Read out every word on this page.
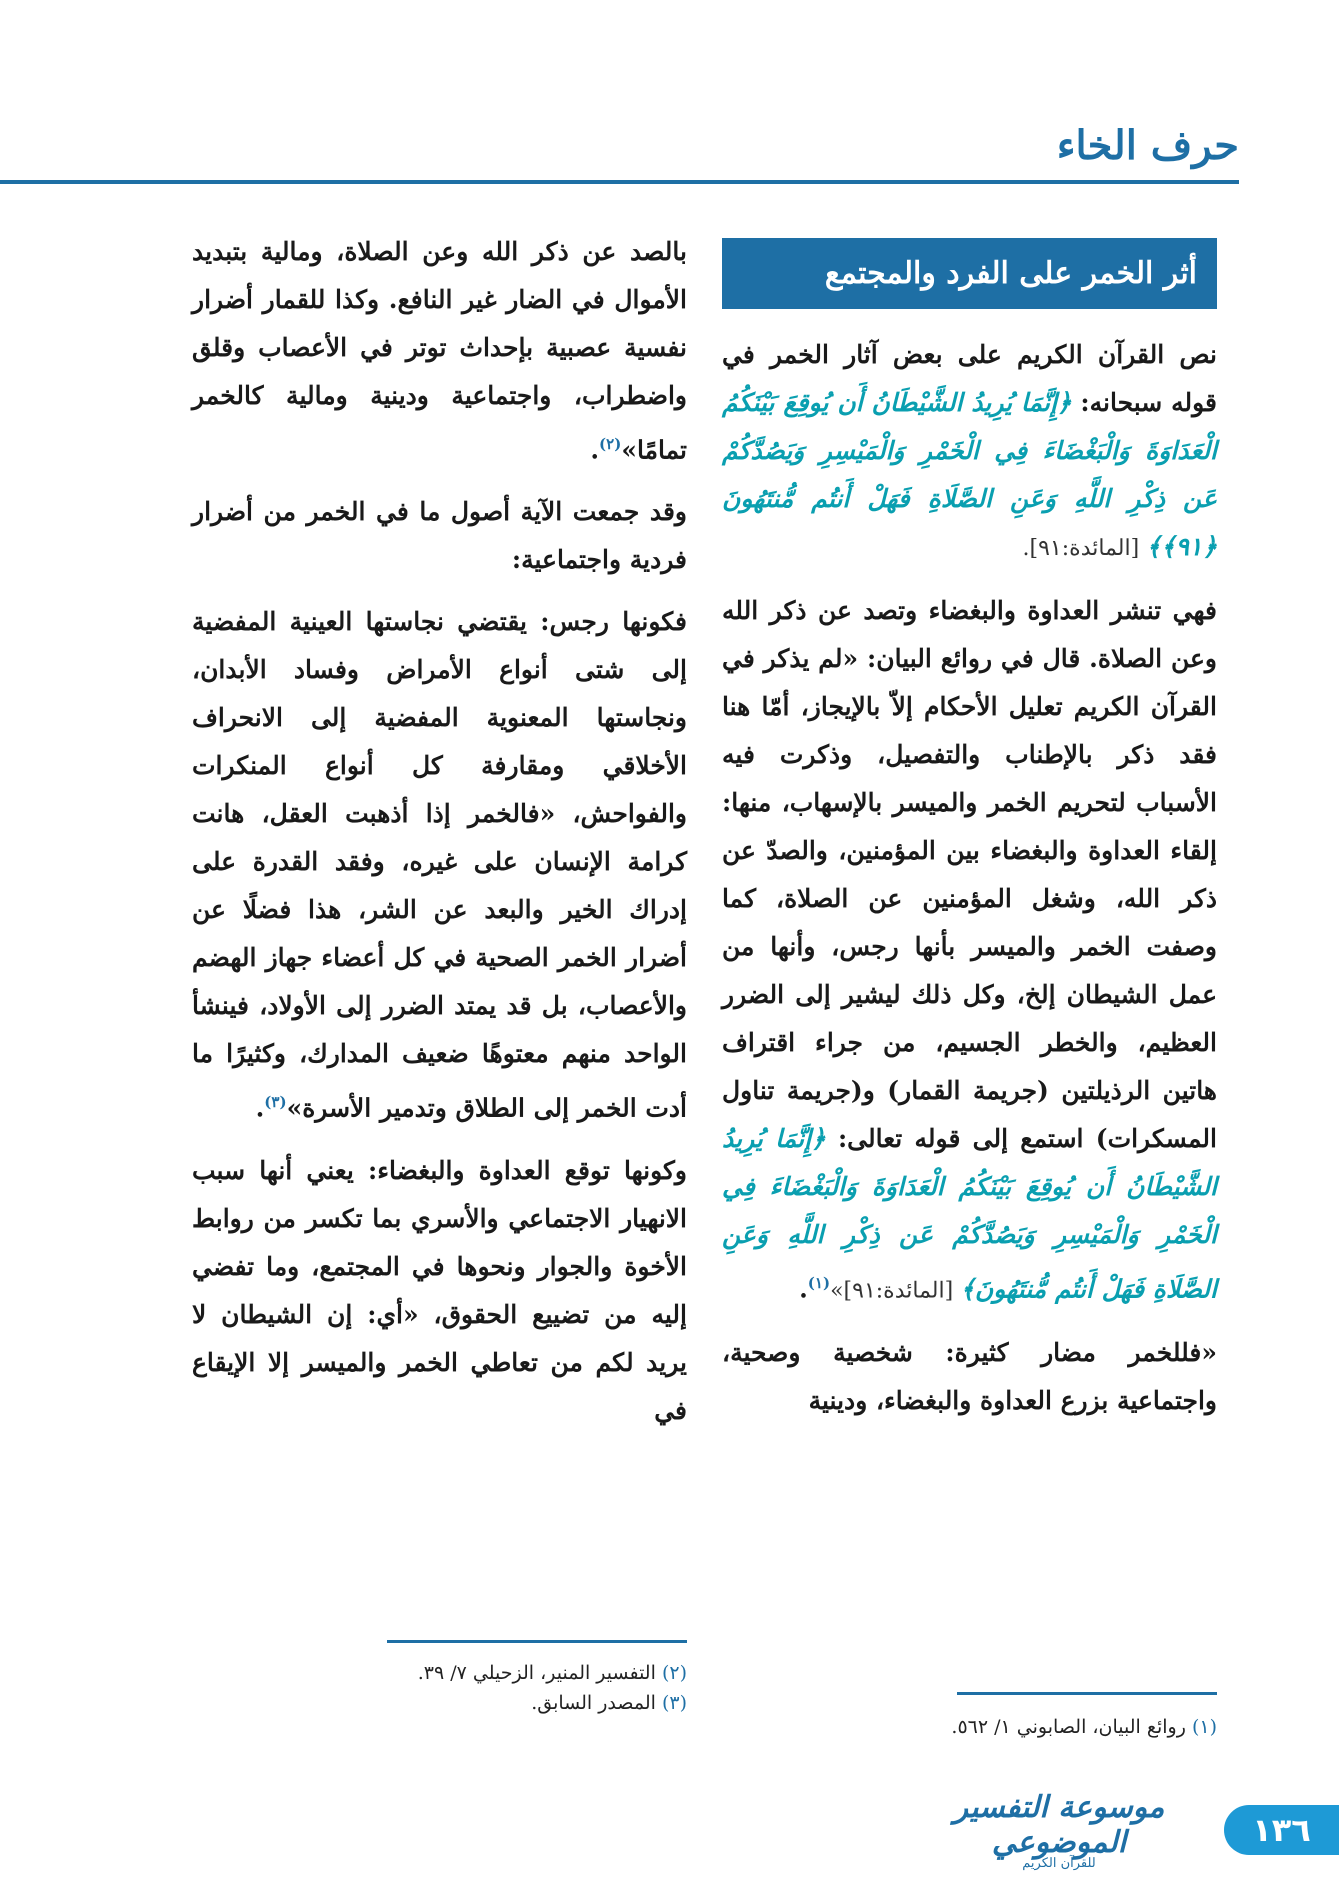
حرف الخاء
أثر الخمر على الفرد والمجتمع

نص القرآن الكريم على بعض آثار الخمر في قوله سبحانه: ﴿إِنَّمَا يُرِيدُ الشَّيْطَانُ أَن يُوقِعَ بَيْنَكُمُ الْعَدَاوَةَ وَالْبَغْضَاءَ فِي الْخَمْرِ وَالْمَيْسِرِ وَيَصُدَّكُمْ عَن ذِكْرِ اللَّهِ وَعَنِ الصَّلَاةِ فَهَلْ أَنتُم مُّنتَهُونَ ﴿٩١﴾﴾ [المائدة:٩١].

فهي تنشر العداوة والبغضاء وتصد عن ذكر الله وعن الصلاة. قال في روائع البيان: «لم يذكر في القرآن الكريم تعليل الأحكام إلاّ بالإيجاز، أمّا هنا فقد ذكر بالإطناب والتفصيل، وذكرت فيه الأسباب لتحريم الخمر والميسر بالإسهاب، منها: إلقاء العداوة والبغضاء بين المؤمنين، والصدّ عن ذكر الله، وشغل المؤمنين عن الصلاة، كما وصفت الخمر والميسر بأنها رجس، وأنها من عمل الشيطان إلخ، وكل ذلك ليشير إلى الضرر العظيم، والخطر الجسيم، من جراء اقتراف هاتين الرذيلتين (جريمة القمار) و(جريمة تناول المسكرات) استمع إلى قوله تعالى: ﴿إِنَّمَا يُرِيدُ الشَّيْطَانُ أَن يُوقِعَ بَيْنَكُمُ الْعَدَاوَةَ وَالْبَغْضَاءَ فِي الْخَمْرِ وَالْمَيْسِرِ وَيَصُدَّكُمْ عَن ذِكْرِ اللَّهِ وَعَنِ الصَّلَاةِ فَهَلْ أَنتُم مُّنتَهُونَ﴾ [المائدة:٩١]»$^{(١)}$.

«فللخمر مضار كثيرة: شخصية وصحية، واجتماعية بزرع العداوة والبغضاء، ودينية

بالصد عن ذكر الله وعن الصلاة، ومالية بتبديد الأموال في الضار غير النافع. وكذا للقمار أضرار نفسية عصبية بإحداث توتر في الأعصاب وقلق واضطراب، واجتماعية ودينية ومالية كالخمر تمامًا»$^{(٢)}$.

وقد جمعت الآية أصول ما في الخمر من أضرار فردية واجتماعية:

فكونها رجس: يقتضي نجاستها العينية المفضية إلى شتى أنواع الأمراض وفساد الأبدان، ونجاستها المعنوية المفضية إلى الانحراف الأخلاقي ومقارفة كل أنواع المنكرات والفواحش، «فالخمر إذا أذهبت العقل، هانت كرامة الإنسان على غيره، وفقد القدرة على إدراك الخير والبعد عن الشر، هذا فضلًا عن أضرار الخمر الصحية في كل أعضاء جهاز الهضم والأعصاب، بل قد يمتد الضرر إلى الأولاد، فينشأ الواحد منهم معتوهًا ضعيف المدارك، وكثيرًا ما أدت الخمر إلى الطلاق وتدمير الأسرة»$^{(٣)}$.

وكونها توقع العداوة والبغضاء: يعني أنها سبب الانهيار الاجتماعي والأسري بما تكسر من روابط الأخوة والجوار ونحوها في المجتمع، وما تفضي إليه من تضييع الحقوق، «أي: إن الشيطان لا يريد لكم من تعاطي الخمر والميسر إلا الإيقاع في

(١) روائع البيان، الصابوني ١/ ٥٦٢.
(٢) التفسير المنير، الزحيلي ٧/ ٣٩.
(٣) المصدر السابق.
١٣٦
موسوعة التفسير الموضوعي
للقرآن الكريم
